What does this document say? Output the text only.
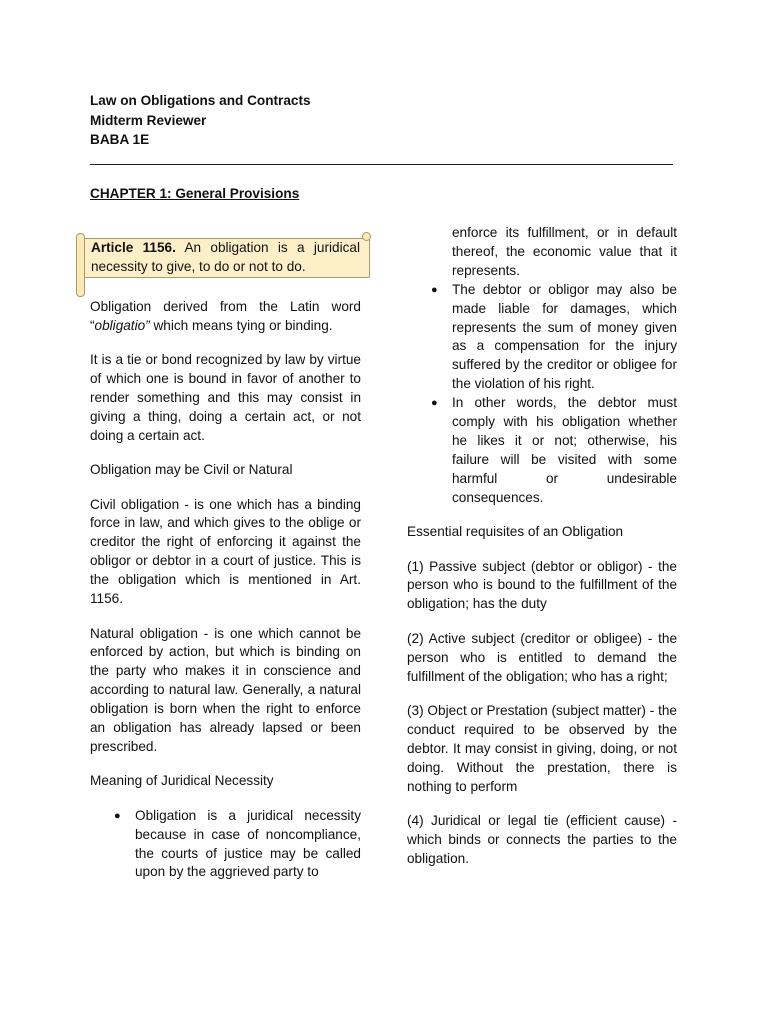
Law on Obligations and Contracts
Midterm Reviewer
BABA 1E
CHAPTER 1: General Provisions
Article 1156. An obligation is a juridical necessity to give, to do or not to do.

Obligation derived from the Latin word “obligatio” which means tying or binding.

It is a tie or bond recognized by law by virtue of which one is bound in favor of another to render something and this may consist in giving a thing, doing a certain act, or not doing a certain act.

Obligation may be Civil or Natural

Civil obligation - is one which has a binding force in law, and which gives to the oblige or creditor the right of enforcing it against the obligor or debtor in a court of justice. This is the obligation which is mentioned in Art. 1156.

Natural obligation - is one which cannot be enforced by action, but which is binding on the party who makes it in conscience and according to natural law. Generally, a natural obligation is born when the right to enforce an obligation has already lapsed or been prescribed.

Meaning of Juridical Necessity

● Obligation is a juridical necessity because in case of noncompliance, the courts of justice may be called upon by the aggrieved party to
enforce its fulfillment, or in default thereof, the economic value that it represents.
● The debtor or obligor may also be made liable for damages, which represents the sum of money given as a compensation for the injury suffered by the creditor or obligee for the violation of his right.
● In other words, the debtor must comply with his obligation whether he likes it or not; otherwise, his failure will be visited with some harmful or undesirable consequences.

Essential requisites of an Obligation

(1) Passive subject (debtor or obligor) - the person who is bound to the fulfillment of the obligation; has the duty

(2) Active subject (creditor or obligee) - the person who is entitled to demand the fulfillment of the obligation; who has a right;

(3) Object or Prestation (subject matter) - the conduct required to be observed by the debtor. It may consist in giving, doing, or not doing. Without the prestation, there is nothing to perform

(4) Juridical or legal tie (efficient cause) - which binds or connects the parties to the obligation.
